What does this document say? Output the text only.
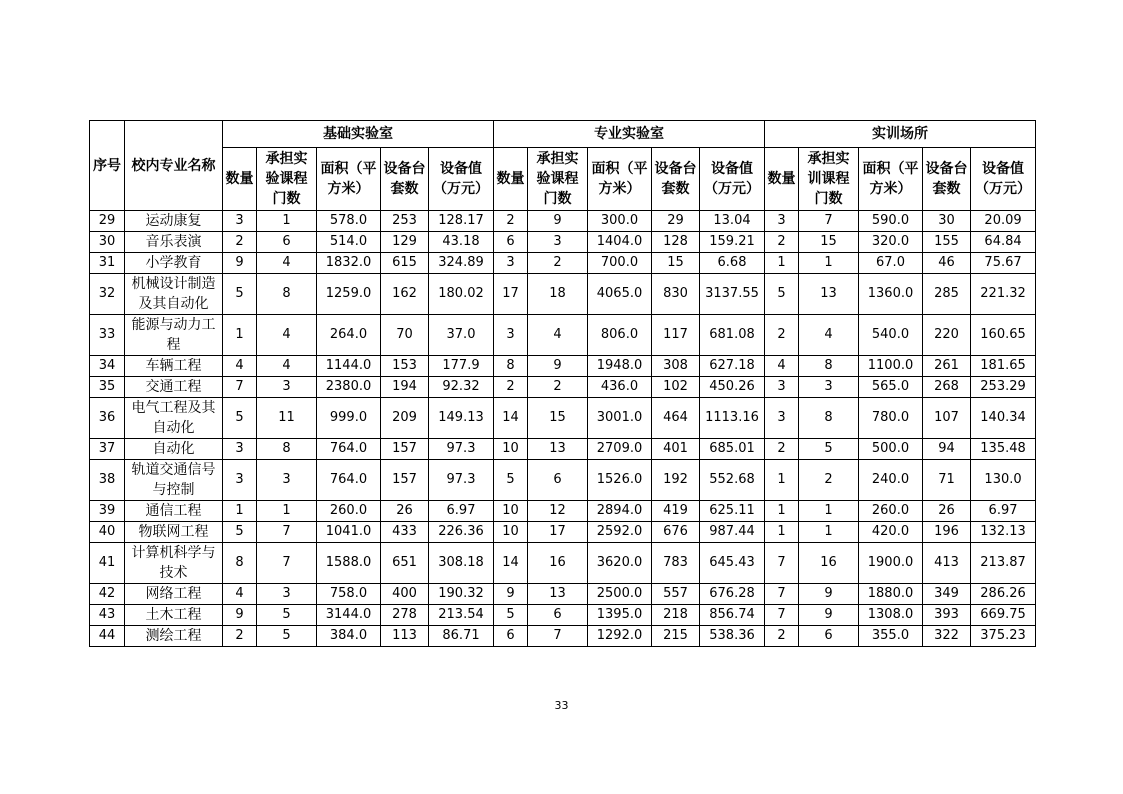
序号	校内专业名称	基础实验室					专业实验室					实训场所				
		数量	承担实验课程门数	面积（平方米）	设备台套数	设备值（万元）	数量	承担实验课程门数	面积（平方米）	设备台套数	设备值（万元）	数量	承担实训课程门数	面积（平方米）	设备台套数	设备值（万元）
29	运动康复	3	1	578.0	253	128.17	2	9	300.0	29	13.04	3	7	590.0	30	20.09
30	音乐表演	2	6	514.0	129	43.18	6	3	1404.0	128	159.21	2	15	320.0	155	64.84
31	小学教育	9	4	1832.0	615	324.89	3	2	700.0	15	6.68	1	1	67.0	46	75.67
32	机械设计制造及其自动化	5	8	1259.0	162	180.02	17	18	4065.0	830	3137.55	5	13	1360.0	285	221.32
33	能源与动力工程	1	4	264.0	70	37.0	3	4	806.0	117	681.08	2	4	540.0	220	160.65
34	车辆工程	4	4	1144.0	153	177.9	8	9	1948.0	308	627.18	4	8	1100.0	261	181.65
35	交通工程	7	3	2380.0	194	92.32	2	2	436.0	102	450.26	3	3	565.0	268	253.29
36	电气工程及其自动化	5	11	999.0	209	149.13	14	15	3001.0	464	1113.16	3	8	780.0	107	140.34
37	自动化	3	8	764.0	157	97.3	10	13	2709.0	401	685.01	2	5	500.0	94	135.48
38	轨道交通信号与控制	3	3	764.0	157	97.3	5	6	1526.0	192	552.68	1	2	240.0	71	130.0
39	通信工程	1	1	260.0	26	6.97	10	12	2894.0	419	625.11	1	1	260.0	26	6.97
40	物联网工程	5	7	1041.0	433	226.36	10	17	2592.0	676	987.44	1	1	420.0	196	132.13
41	计算机科学与技术	8	7	1588.0	651	308.18	14	16	3620.0	783	645.43	7	16	1900.0	413	213.87
42	网络工程	4	3	758.0	400	190.32	9	13	2500.0	557	676.28	7	9	1880.0	349	286.26
43	土木工程	9	5	3144.0	278	213.54	5	6	1395.0	218	856.74	7	9	1308.0	393	669.75
44	测绘工程	2	5	384.0	113	86.71	6	7	1292.0	215	538.36	2	6	355.0	322	375.23
33
